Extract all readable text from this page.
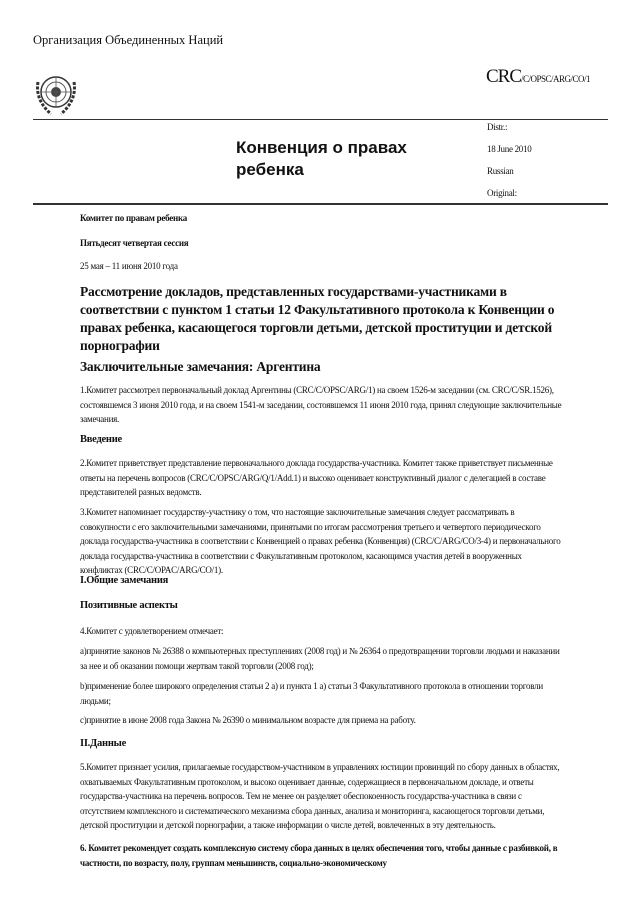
Организация Объединенных Наций
CRC/C/OPSC/ARG/CO/1
Distr.:
18 June 2010
Russian
Original:
Конвенция о правах ребенка
Комитет по правам ребенка
Пятьдесят четвертая сессия
25 мая – 11 июня 2010 года
Рассмотрение докладов, представленных государствами-участниками в соответствии с пунктом 1 статьи 12 Факультативного протокола к Конвенции о правах ребенка, касающегося торговли детьми, детской проституции и детской порнографии
Заключительные замечания: Аргентина
1.Комитет рассмотрел первоначальный доклад Аргентины (CRC/C/OPSC/ARG/1) на своем 1526-м заседании (см. CRC/C/SR.1526), состоявшемся 3 июня 2010 года, и на своем 1541-м заседании, состоявшемся 11 июня 2010 года, принял следующие заключительные замечания.
Введение
2.Комитет приветствует представление первоначального доклада государства-участника. Комитет также приветствует письменные ответы на перечень вопросов (CRC/C/OPSC/ARG/Q/1/Add.1) и высоко оценивает конструктивный диалог с делегацией в составе представителей разных ведомств.
3.Комитет напоминает государству-участнику о том, что настоящие заключительные замечания следует рассматривать в совокупности с его заключительными замечаниями, принятыми по итогам рассмотрения третьего и четвертого периодического доклада государства-участника в соответствии с Конвенцией о правах ребенка (Конвенция) (CRC/C/ARG/CO/3-4) и первоначального доклада государства-участника в соответствии с Факультативным протоколом, касающимся участия детей в вооруженных конфликтах (CRC/C/OPAC/ARG/CO/1).
I.Общие замечания
Позитивные аспекты
4.Комитет с удовлетворением отмечает:
a)принятие законов № 26388 о компьютерных преступлениях (2008 год) и № 26364 о предотвращении торговли людьми и наказании за нее и об оказании помощи жертвам такой торговли (2008 год);
b)применение более широкого определения статьи 2 а) и пункта 1 а) статьи 3 Факультативного протокола в отношении торговли людьми;
c)принятие в июне 2008 года Закона № 26390 о минимальном возрасте для приема на работу.
II.Данные
5.Комитет признает усилия, прилагаемые государством-участником в управлениях юстиции провинций по сбору данных в областях, охватываемых Факультативным протоколом, и высоко оценивает данные, содержащиеся в первоначальном докладе, и ответы государства-участника на перечень вопросов. Тем не менее он разделяет обеспокоенность государства-участника в связи с отсутствием комплексного и систематического механизма сбора данных, анализа и мониторинга, касающегося торговли детьми, детской проституции и детской порнографии, а также информации о числе детей, вовлеченных в эту деятельность.
6. Комитет рекомендует создать комплексную систему сбора данных в целях обеспечения того, чтобы данные с разбивкой, в частности, по возрасту, полу, группам меньшинств, социально-экономическому
